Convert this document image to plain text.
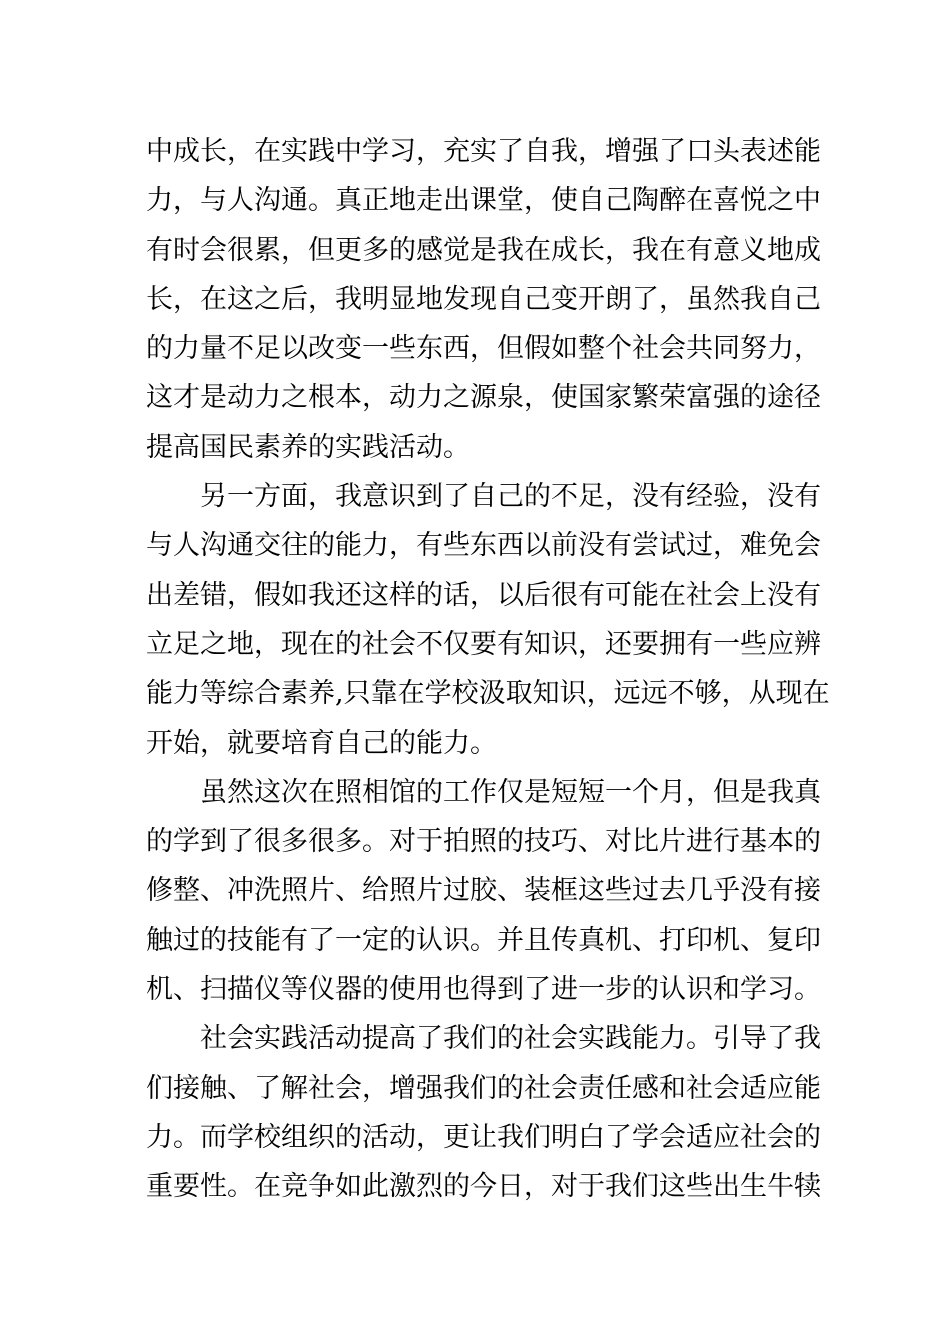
中成长，在实践中学习，充实了自我，增强了口头表述能
力，与人沟通。真正地走出课堂，使自己陶醉在喜悦之中
有时会很累，但更多的感觉是我在成长，我在有意义地成
长，在这之后，我明显地发现自己变开朗了，虽然我自己
的力量不足以改变一些东西，但假如整个社会共同努力，
这才是动力之根本，动力之源泉，使国家繁荣富强的途径
提高国民素养的实践活动。
另一方面，我意识到了自己的不足，没有经验，没有
与人沟通交往的能力，有些东西以前没有尝试过，难免会
出差错，假如我还这样的话，以后很有可能在社会上没有
立足之地，现在的社会不仅要有知识，还要拥有一些应辨
能力等综合素养,只靠在学校汲取知识，远远不够，从现在
开始，就要培育自己的能力。
虽然这次在照相馆的工作仅是短短一个月，但是我真
的学到了很多很多。对于拍照的技巧、对比片进行基本的
修整、冲洗照片、给照片过胶、装框这些过去几乎没有接
触过的技能有了一定的认识。并且传真机、打印机、复印
机、扫描仪等仪器的使用也得到了进一步的认识和学习。
社会实践活动提高了我们的社会实践能力。引导了我
们接触、了解社会，增强我们的社会责任感和社会适应能
力。而学校组织的活动，更让我们明白了学会适应社会的
重要性。在竞争如此激烈的今日，对于我们这些出生牛犊
